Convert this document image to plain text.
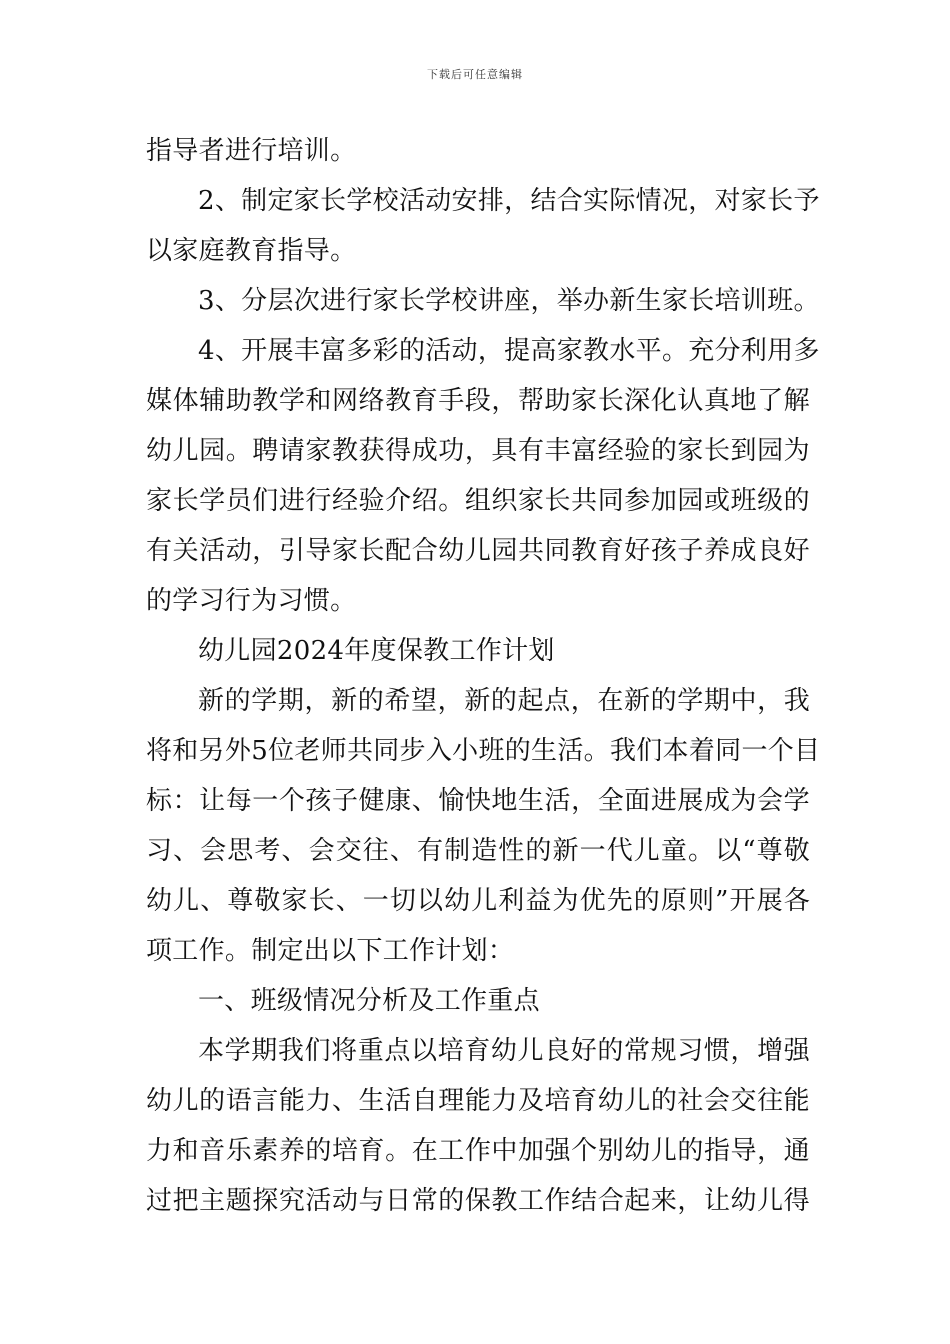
下载后可任意编辑
指导者进行培训。
2、制定家长学校活动安排，结合实际情况，对家长予
以家庭教育指导。
3、分层次进行家长学校讲座，举办新生家长培训班。
4、开展丰富多彩的活动，提高家教水平。充分利用多
媒体辅助教学和网络教育手段，帮助家长深化认真地了解
幼儿园。聘请家教获得成功，具有丰富经验的家长到园为
家长学员们进行经验介绍。组织家长共同参加园或班级的
有关活动，引导家长配合幼儿园共同教育好孩子养成良好
的学习行为习惯。
幼儿园2024年度保教工作计划
新的学期，新的希望，新的起点，在新的学期中，我
将和另外5位老师共同步入小班的生活。我们本着同一个目
标：让每一个孩子健康、愉快地生活，全面进展成为会学
习、会思考、会交往、有制造性的新一代儿童。以“尊敬
幼儿、尊敬家长、一切以幼儿利益为优先的原则”开展各
项工作。制定出以下工作计划：
一、班级情况分析及工作重点
本学期我们将重点以培育幼儿良好的常规习惯，增强
幼儿的语言能力、生活自理能力及培育幼儿的社会交往能
力和音乐素养的培育。在工作中加强个别幼儿的指导，通
过把主题探究活动与日常的保教工作结合起来，让幼儿得
